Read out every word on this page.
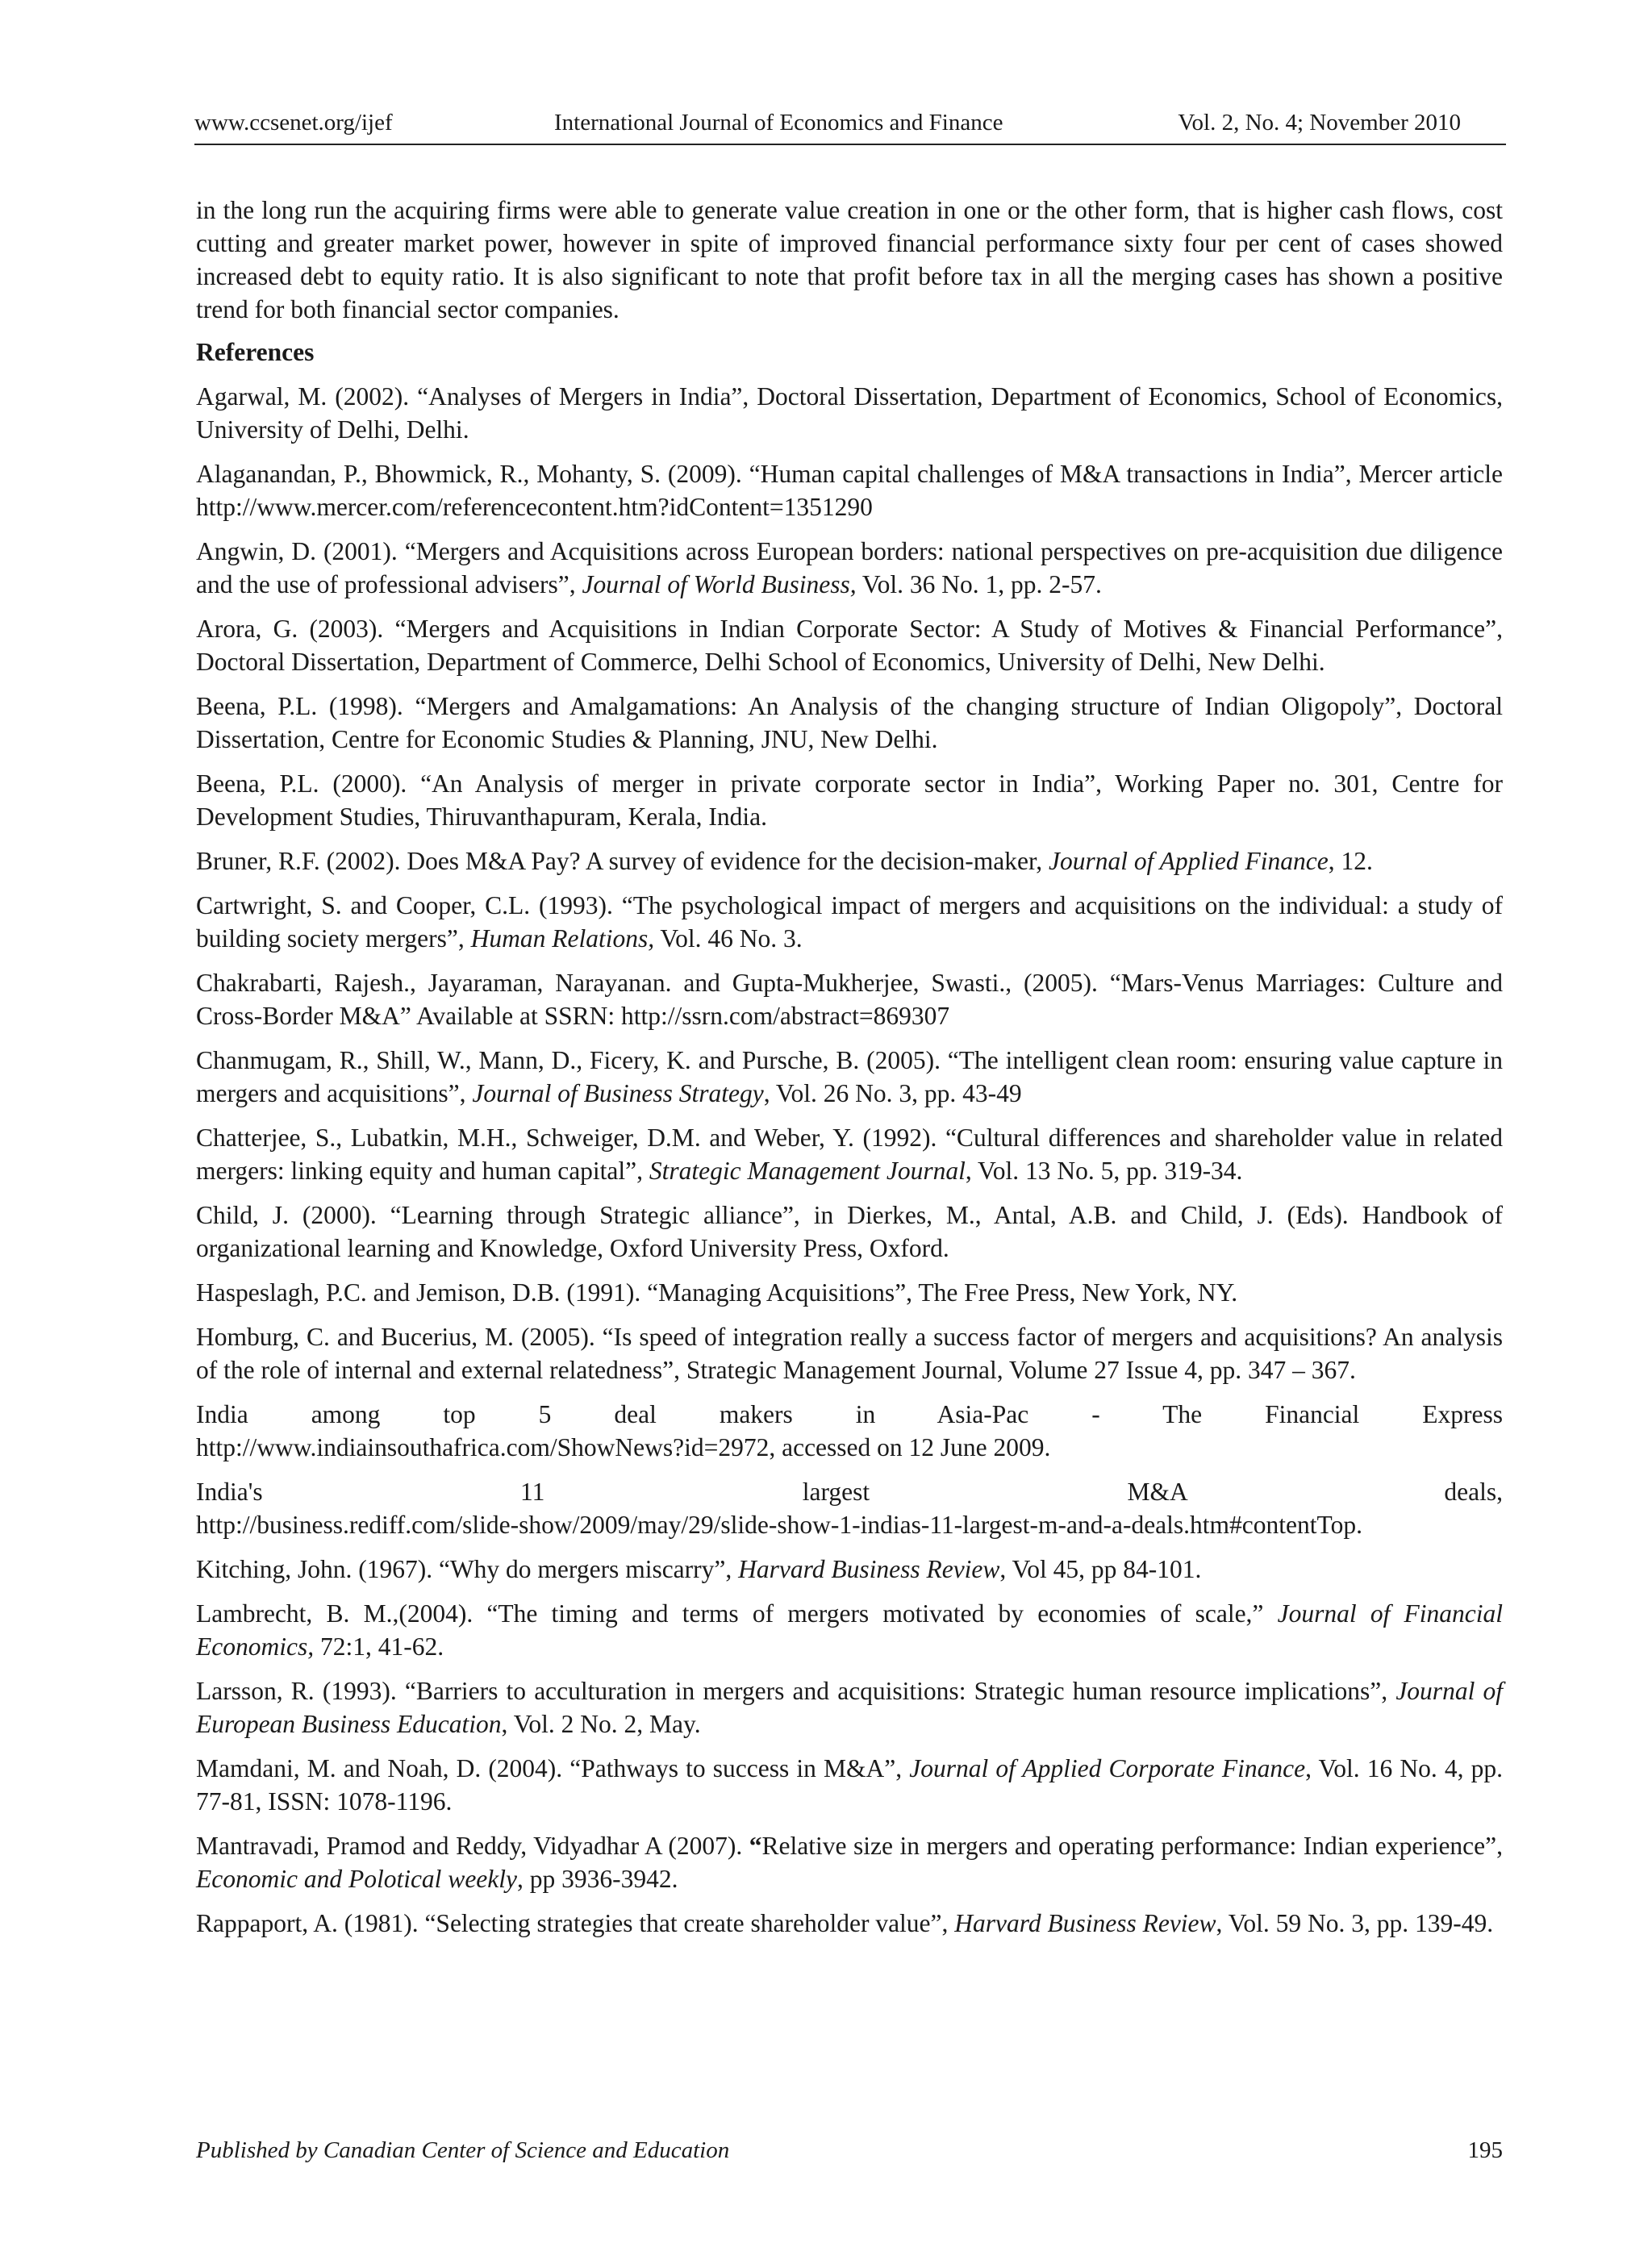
www.ccsenet.org/ijef	International Journal of Economics and Finance	Vol. 2, No. 4; November 2010

in the long run the acquiring firms were able to generate value creation in one or the other form, that is higher cash flows, cost cutting and greater market power, however in spite of improved financial performance sixty four per cent of cases showed increased debt to equity ratio. It is also significant to note that profit before tax in all the merging cases has shown a positive trend for both financial sector companies.

References

Agarwal, M. (2002). “Analyses of Mergers in India”, Doctoral Dissertation, Department of Economics, School of Economics, University of Delhi, Delhi.

Alaganandan, P., Bhowmick, R., Mohanty, S. (2009). “Human capital challenges of M&A transactions in India”, Mercer article http://www.mercer.com/referencecontent.htm?idContent=1351290

Angwin, D. (2001). “Mergers and Acquisitions across European borders: national perspectives on pre-acquisition due diligence and the use of professional advisers”, Journal of World Business, Vol. 36 No. 1, pp. 2-57.

Arora, G. (2003). “Mergers and Acquisitions in Indian Corporate Sector: A Study of Motives & Financial Performance”, Doctoral Dissertation, Department of Commerce, Delhi School of Economics, University of Delhi, New Delhi.

Beena, P.L. (1998). “Mergers and Amalgamations: An Analysis of the changing structure of Indian Oligopoly”, Doctoral Dissertation, Centre for Economic Studies & Planning, JNU, New Delhi.

Beena, P.L. (2000). “An Analysis of merger in private corporate sector in India”, Working Paper no. 301, Centre for Development Studies, Thiruvanthapuram, Kerala, India.

Bruner, R.F. (2002). Does M&A Pay? A survey of evidence for the decision-maker, Journal of Applied Finance, 12.

Cartwright, S. and Cooper, C.L. (1993). “The psychological impact of mergers and acquisitions on the individual: a study of building society mergers”, Human Relations, Vol. 46 No. 3.

Chakrabarti, Rajesh., Jayaraman, Narayanan. and Gupta-Mukherjee, Swasti., (2005). “Mars-Venus Marriages: Culture and Cross-Border M&A” Available at SSRN: http://ssrn.com/abstract=869307

Chanmugam, R., Shill, W., Mann, D., Ficery, K. and Pursche, B. (2005). “The intelligent clean room: ensuring value capture in mergers and acquisitions”, Journal of Business Strategy, Vol. 26 No. 3, pp. 43-49

Chatterjee, S., Lubatkin, M.H., Schweiger, D.M. and Weber, Y. (1992). “Cultural differences and shareholder value in related mergers: linking equity and human capital”, Strategic Management Journal, Vol. 13 No. 5, pp. 319-34.

Child, J. (2000). “Learning through Strategic alliance”, in Dierkes, M., Antal, A.B. and Child, J. (Eds). Handbook of organizational learning and Knowledge, Oxford University Press, Oxford.

Haspeslagh, P.C. and Jemison, D.B. (1991). “Managing Acquisitions”, The Free Press, New York, NY.

Homburg, C. and Bucerius, M. (2005). “Is speed of integration really a success factor of mergers and acquisitions? An analysis of the role of internal and external relatedness”, Strategic Management Journal, Volume 27 Issue 4, pp. 347 – 367.

India among top 5 deal makers in Asia-Pac - The Financial Express
http://www.indiainsouthafrica.com/ShowNews?id=2972, accessed on 12 June 2009.
India's 11 largest M&A deals,
http://business.rediff.com/slide-show/2009/may/29/slide-show-1-indias-11-largest-m-and-a-deals.htm#contentTop.

Kitching, John. (1967). “Why do mergers miscarry”, Harvard Business Review, Vol 45, pp 84-101.

Lambrecht, B. M.,(2004). “The timing and terms of mergers motivated by economies of scale,” Journal of Financial Economics, 72:1, 41-62.

Larsson, R. (1993). “Barriers to acculturation in mergers and acquisitions: Strategic human resource implications”, Journal of European Business Education, Vol. 2 No. 2, May.

Mamdani, M. and Noah, D. (2004). “Pathways to success in M&A”, Journal of Applied Corporate Finance, Vol. 16 No. 4, pp. 77-81, ISSN: 1078-1196.

Mantravadi, Pramod and Reddy, Vidyadhar A (2007). “Relative size in mergers and operating performance: Indian experience”, Economic and Polotical weekly, pp 3936-3942.

Rappaport, A. (1981). “Selecting strategies that create shareholder value”, Harvard Business Review, Vol. 59 No. 3, pp. 139-49.

Published by Canadian Center of Science and Education	195
